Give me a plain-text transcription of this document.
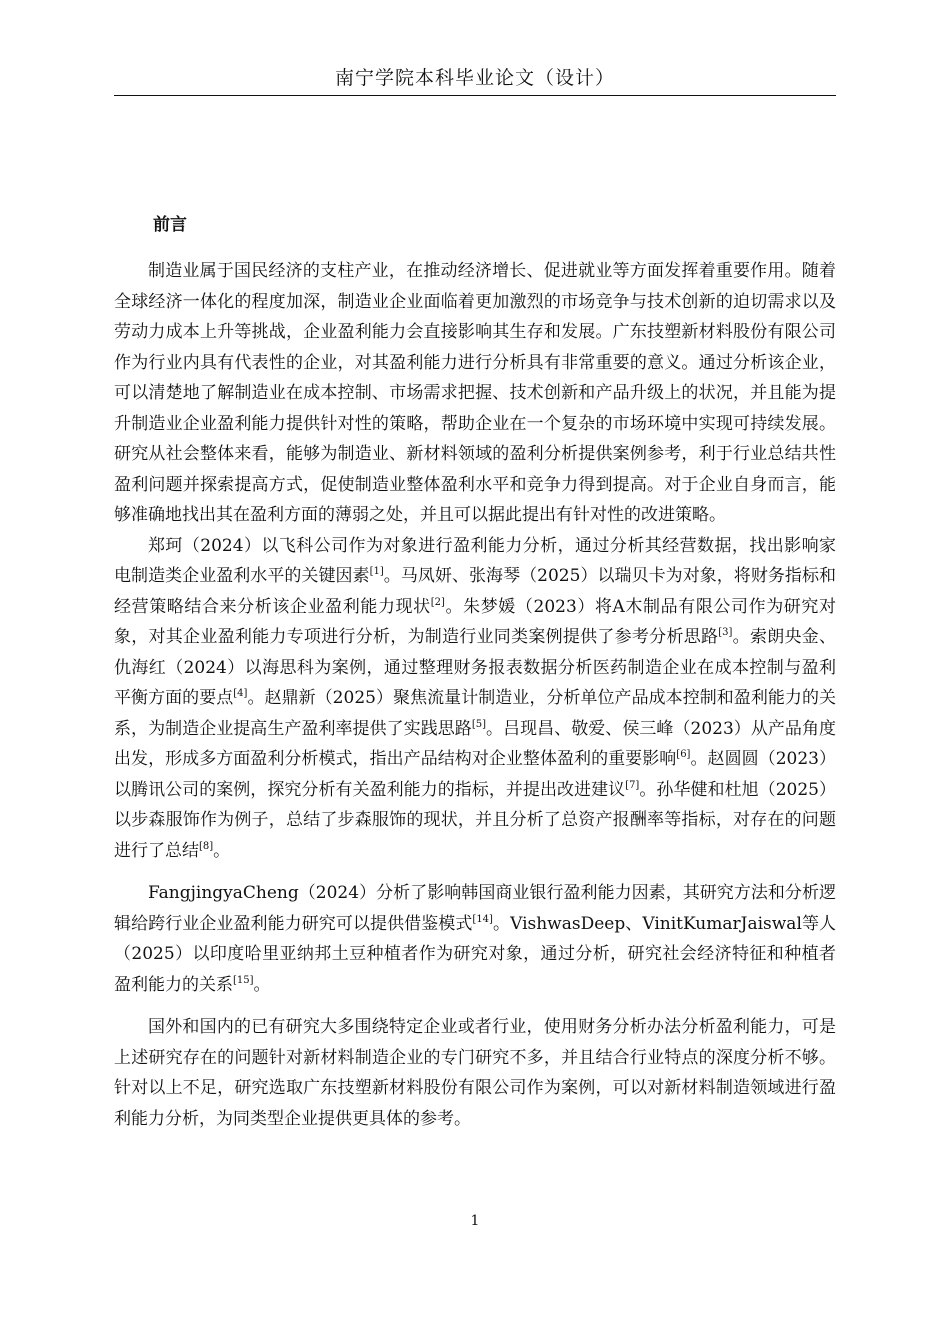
南宁学院本科毕业论文（设计）
前言

制造业属于国民经济的支柱产业，在推动经济增长、促进就业等方面发挥着重要作用。随着全球经济一体化的程度加深，制造业企业面临着更加激烈的市场竞争与技术创新的迫切需求以及劳动力成本上升等挑战，企业盈利能力会直接影响其生存和发展。广东技塑新材料股份有限公司作为行业内具有代表性的企业，对其盈利能力进行分析具有非常重要的意义。通过分析该企业，可以清楚地了解制造业在成本控制、市场需求把握、技术创新和产品升级上的状况，并且能为提升制造业企业盈利能力提供针对性的策略，帮助企业在一个复杂的市场环境中实现可持续发展。研究从社会整体来看，能够为制造业、新材料领域的盈利分析提供案例参考，利于行业总结共性盈利问题并探索提高方式，促使制造业整体盈利水平和竞争力得到提高。对于企业自身而言，能够准确地找出其在盈利方面的薄弱之处，并且可以据此提出有针对性的改进策略。

郑珂（2024）以飞科公司作为对象进行盈利能力分析，通过分析其经营数据，找出影响家电制造类企业盈利水平的关键因素[1]。马凤妍、张海琴（2025）以瑞贝卡为对象，将财务指标和经营策略结合来分析该企业盈利能力现状[2]。朱梦媛（2023）将A木制品有限公司作为研究对象，对其企业盈利能力专项进行分析，为制造行业同类案例提供了参考分析思路[3]。索朗央金、仇海红（2024）以海思科为案例，通过整理财务报表数据分析医药制造企业在成本控制与盈利平衡方面的要点[4]。赵鼎新（2025）聚焦流量计制造业，分析单位产品成本控制和盈利能力的关系，为制造企业提高生产盈利率提供了实践思路[5]。吕现昌、敬爱、侯三峰（2023）从产品角度出发，形成多方面盈利分析模式，指出产品结构对企业整体盈利的重要影响[6]。赵圆圆（2023）以腾讯公司的案例，探究分析有关盈利能力的指标，并提出改进建议[7]。孙华健和杜旭（2025）以步森服饰作为例子，总结了步森服饰的现状，并且分析了总资产报酬率等指标，对存在的问题进行了总结[8]。

FangjingyaCheng（2024）分析了影响韩国商业银行盈利能力因素，其研究方法和分析逻辑给跨行业企业盈利能力研究可以提供借鉴模式[14]。VishwasDeep、VinitKumarJaiswal等人（2025）以印度哈里亚纳邦土豆种植者作为研究对象，通过分析，研究社会经济特征和种植者盈利能力的关系[15]。

国外和国内的已有研究大多围绕特定企业或者行业，使用财务分析办法分析盈利能力，可是上述研究存在的问题针对新材料制造企业的专门研究不多，并且结合行业特点的深度分析不够。针对以上不足，研究选取广东技塑新材料股份有限公司作为案例，可以对新材料制造领域进行盈利能力分析，为同类型企业提供更具体的参考。

1
